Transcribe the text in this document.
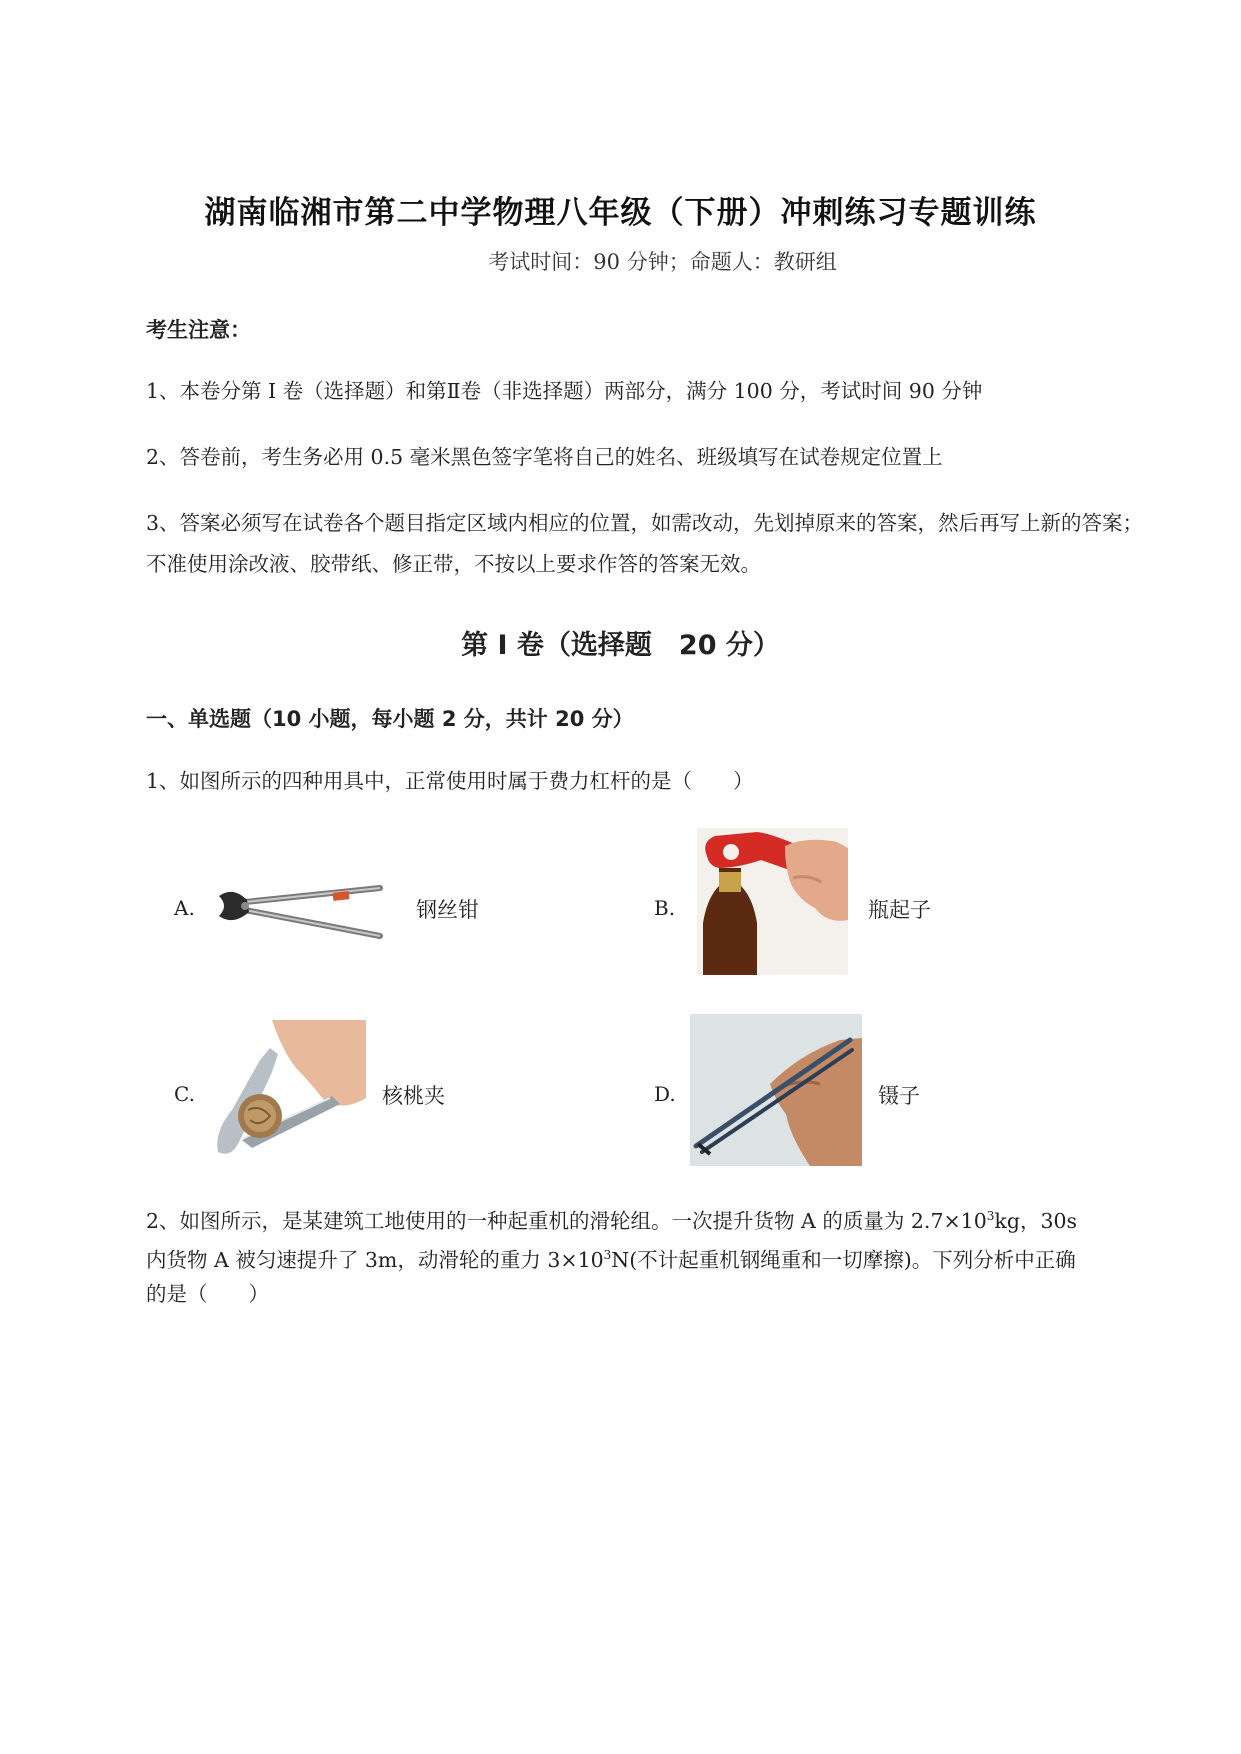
湖南临湘市第二中学物理八年级（下册）冲刺练习专题训练
考试时间：90 分钟；命题人：教研组
考生注意：
1、本卷分第 I 卷（选择题）和第Ⅱ卷（非选择题）两部分，满分 100 分，考试时间 90 分钟
2、答卷前，考生务必用 0.5 毫米黑色签字笔将自己的姓名、班级填写在试卷规定位置上
3、答案必须写在试卷各个题目指定区域内相应的位置，如需改动，先划掉原来的答案，然后再写上新的答案；不准使用涂改液、胶带纸、修正带，不按以上要求作答的答案无效。
第 I 卷（选择题　20 分）
一、单选题（10 小题，每小题 2 分，共计 20 分）
1、如图所示的四种用具中，正常使用时属于费力杠杆的是（　　）
A.	钢丝钳	B.	瓶起子
C.	核桃夹	D.	镊子
2、如图所示，是某建筑工地使用的一种起重机的滑轮组。一次提升货物 A 的质量为 $2.7\times 10^3kg$，30s
内货物 A 被匀速提升了 3m，动滑轮的重力 $3\times 10^3N$(不计起重机钢绳重和一切摩擦)。下列分析中正确
的是（　　）
